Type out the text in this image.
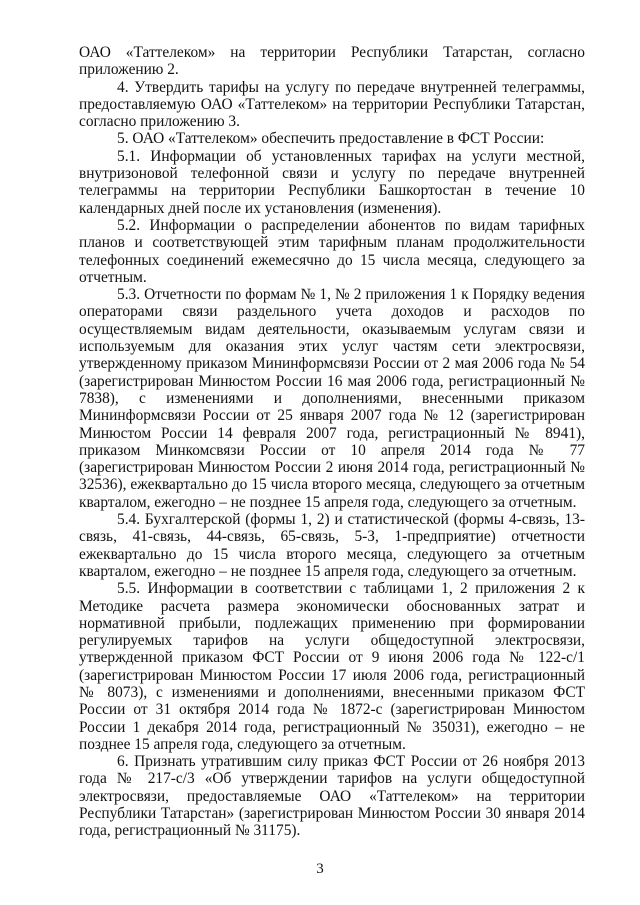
ОАО «Таттелеком» на территории Республики Татарстан, согласно приложению 2.

4. Утвердить тарифы на услугу по передаче внутренней телеграммы, предоставляемую ОАО «Таттелеком» на территории Республики Татарстан, согласно приложению 3.

5. ОАО «Таттелеком» обеспечить предоставление в ФСТ России:

5.1. Информации об установленных тарифах на услуги местной, внутризоновой телефонной связи и услугу по передаче внутренней телеграммы на территории Республики Башкортостан в течение 10 календарных дней после их установления (изменения).

5.2. Информации о распределении абонентов по видам тарифных планов и соответствующей этим тарифным планам продолжительности телефонных соединений ежемесячно до 15 числа месяца, следующего за отчетным.

5.3. Отчетности по формам № 1, № 2 приложения 1 к Порядку ведения операторами связи раздельного учета доходов и расходов по осуществляемым видам деятельности, оказываемым услугам связи и используемым для оказания этих услуг частям сети электросвязи, утвержденному приказом Мининформсвязи России от 2 мая 2006 года № 54 (зарегистрирован Минюстом России 16 мая 2006 года, регистрационный № 7838), с изменениями и дополнениями, внесенными приказом Мининформсвязи России от 25 января 2007 года № 12 (зарегистрирован Минюстом России 14 февраля 2007 года, регистрационный № 8941), приказом Минкомсвязи России от 10 апреля 2014 года № 77 (зарегистрирован Минюстом России 2 июня 2014 года, регистрационный № 32536), ежеквартально до 15 числа второго месяца, следующего за отчетным кварталом, ежегодно – не позднее 15 апреля года, следующего за отчетным.

5.4. Бухгалтерской (формы 1, 2) и статистической (формы 4-связь, 13-связь, 41-связь, 44-связь, 65-связь, 5-З, 1-предприятие) отчетности ежеквартально до 15 числа второго месяца, следующего за отчетным кварталом, ежегодно – не позднее 15 апреля года, следующего за отчетным.

5.5. Информации в соответствии с таблицами 1, 2 приложения 2 к Методике расчета размера экономически обоснованных затрат и нормативной прибыли, подлежащих применению при формировании регулируемых тарифов на услуги общедоступной электросвязи, утвержденной приказом ФСТ России от 9 июня 2006 года № 122-с/1 (зарегистрирован Минюстом России 17 июля 2006 года, регистрационный № 8073), с изменениями и дополнениями, внесенными приказом ФСТ России от 31 октября 2014 года № 1872-с (зарегистрирован Минюстом России 1 декабря 2014 года, регистрационный № 35031), ежегодно – не позднее 15 апреля года, следующего за отчетным.

6. Признать утратившим силу приказ ФСТ России от 26 ноября 2013 года № 217-с/3 «Об утверждении тарифов на услуги общедоступной электросвязи, предоставляемые ОАО «Таттелеком» на территории Республики Татарстан» (зарегистрирован Минюстом России 30 января 2014 года, регистрационный № 31175).

3
